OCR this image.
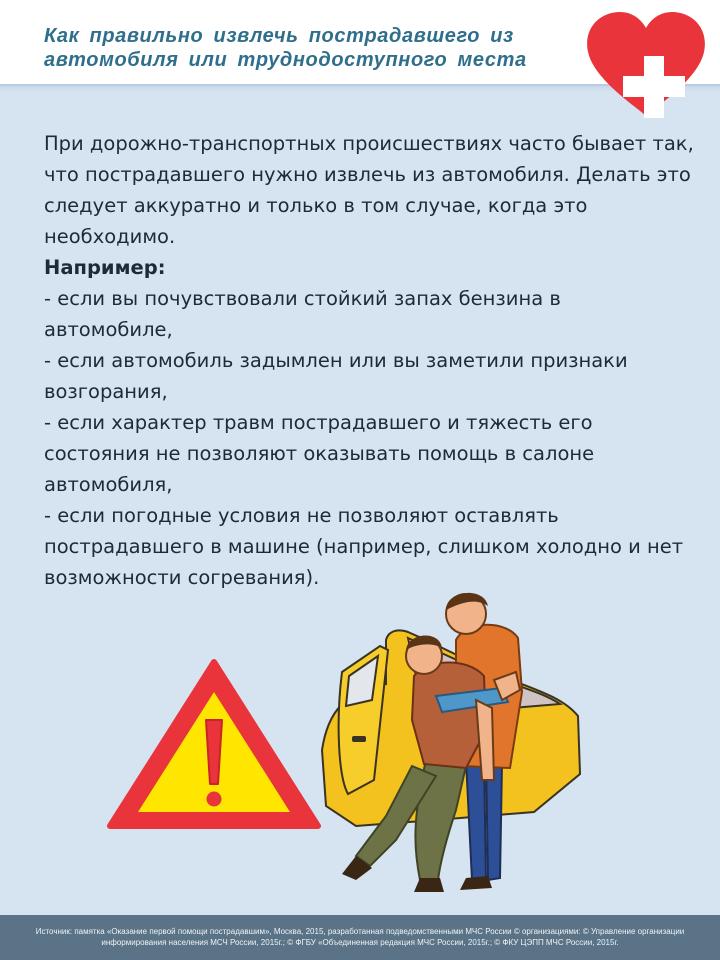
Как правильно извлечь пострадавшего из
автомобиля или труднодоступного места

При дорожно-транспортных происшествиях часто бывает так, что пострадавшего нужно извлечь из автомобиля. Делать это следует аккуратно и только в том случае, когда это необходимо.

Например:

- если вы почувствовали стойкий запах бензина в автомобиле,

- если автомобиль задымлен или вы заметили признаки возгорания,

- если характер травм пострадавшего и тяжесть его состояния не позволяют оказывать помощь в салоне автомобиля,

- если погодные условия не позволяют оставлять пострадавшего в машине (например, слишком холодно и нет возможности согревания).

Источник: памятка «Оказание первой помощи пострадавшим», Москва, 2015, разработанная подведомственными МЧС России © организациями: © Управление организации информирования населения МСЧ России, 2015г.; © ФГБУ «Объединенная редакция МЧС России, 2015г.; © ФКУ ЦЭПП МЧС России, 2015г.
